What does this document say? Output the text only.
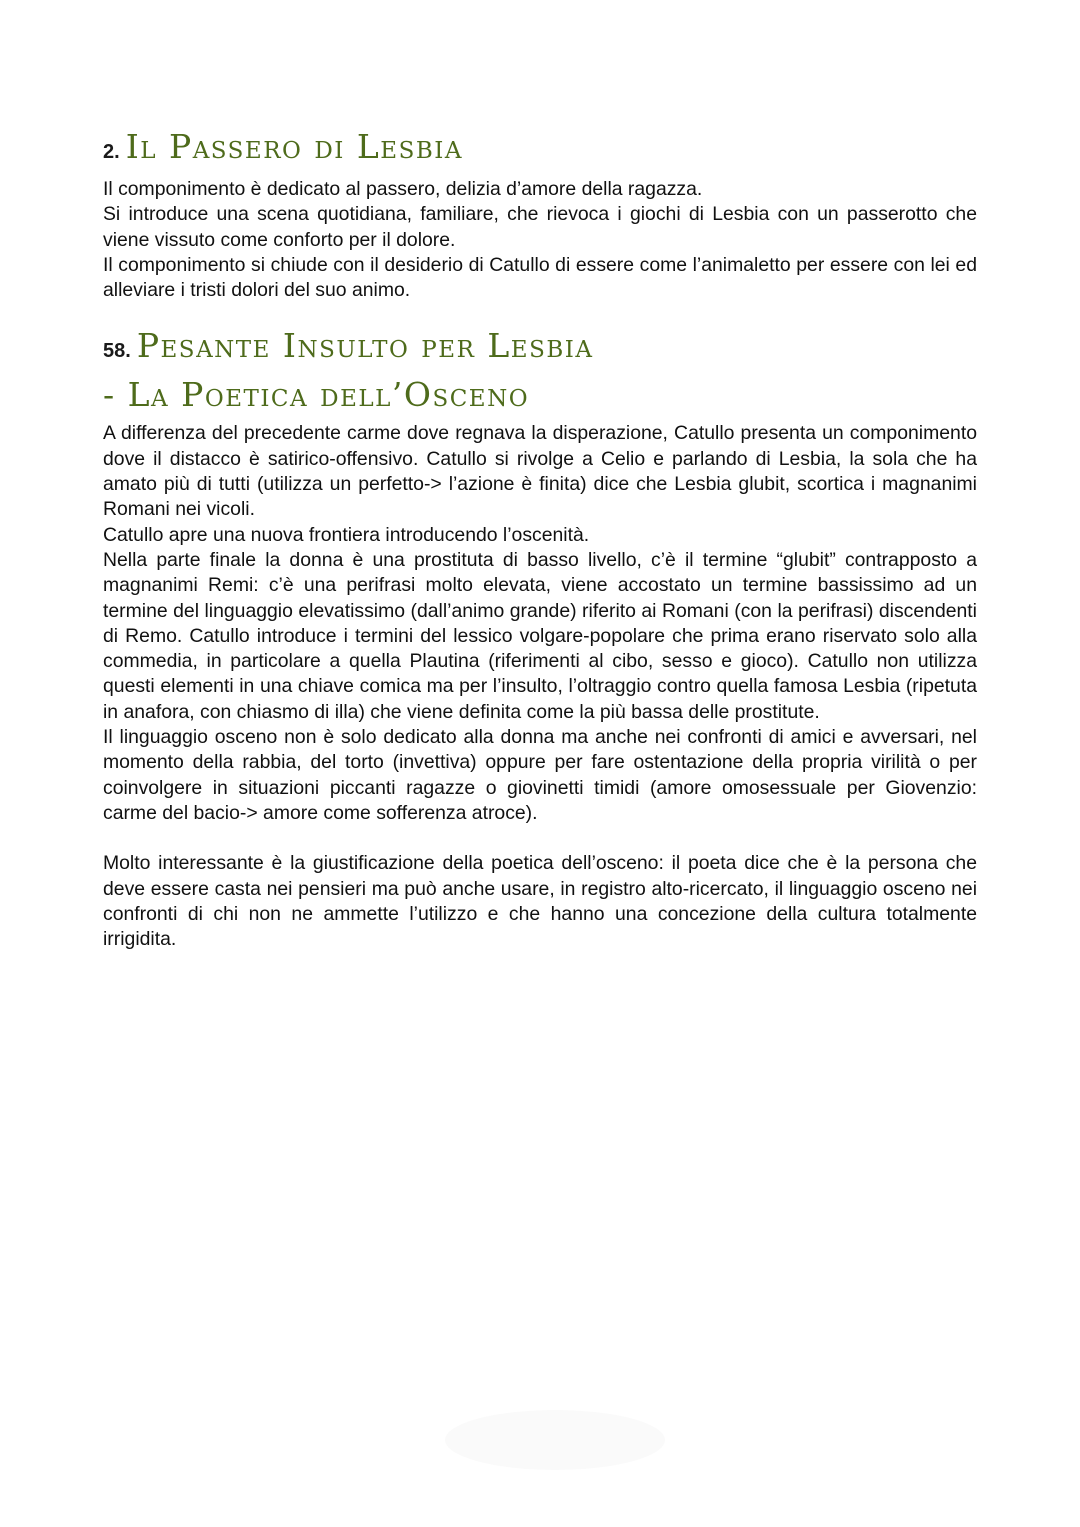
2. Il Passero di Lesbia

Il componimento è dedicato al passero, delizia d’amore della ragazza.

Si introduce una scena quotidiana, familiare, che rievoca i giochi di Lesbia con un passerotto che viene vissuto come conforto per il dolore.

Il componimento si chiude con il desiderio di Catullo di essere come l’animaletto per essere con lei ed alleviare i tristi dolori del suo animo.

58. Pesante Insulto per Lesbia
- La Poetica dell’Osceno

A differenza del precedente carme dove regnava la disperazione, Catullo presenta un componimento dove il distacco è satirico-offensivo. Catullo si rivolge a Celio e parlando di Lesbia, la sola che ha amato più di tutti (utilizza un perfetto-> l’azione è finita) dice che Lesbia glubit, scortica i magnanimi Romani nei vicoli.

Catullo apre una nuova frontiera introducendo l’oscenità.

Nella parte finale la donna è una prostituta di basso livello, c’è il termine “glubit” contrapposto a magnanimi Remi: c’è una perifrasi molto elevata, viene accostato un termine bassissimo ad un termine del linguaggio elevatissimo (dall’animo grande) riferito ai Romani (con la perifrasi) discendenti di Remo. Catullo introduce i termini del lessico volgare-popolare che prima erano riservato solo alla commedia, in particolare a quella Plautina (riferimenti al cibo, sesso e gioco). Catullo non utilizza questi elementi in una chiave comica ma per l’insulto, l’oltraggio contro quella famosa Lesbia (ripetuta in anafora, con chiasmo di illa) che viene definita come la più bassa delle prostitute.

Il linguaggio osceno non è solo dedicato alla donna ma anche nei confronti di amici e avversari, nel momento della rabbia, del torto (invettiva) oppure per fare ostentazione della propria virilità o per coinvolgere in situazioni piccanti ragazze o giovinetti timidi (amore omosessuale per Giovenzio: carme del bacio-> amore come sofferenza atroce).

Molto interessante è la giustificazione della poetica dell’osceno: il poeta dice che è la persona che deve essere casta nei pensieri ma può anche usare, in registro alto-ricercato, il linguaggio osceno nei confronti di chi non ne ammette l’utilizzo e che hanno una concezione della cultura totalmente irrigidita.
